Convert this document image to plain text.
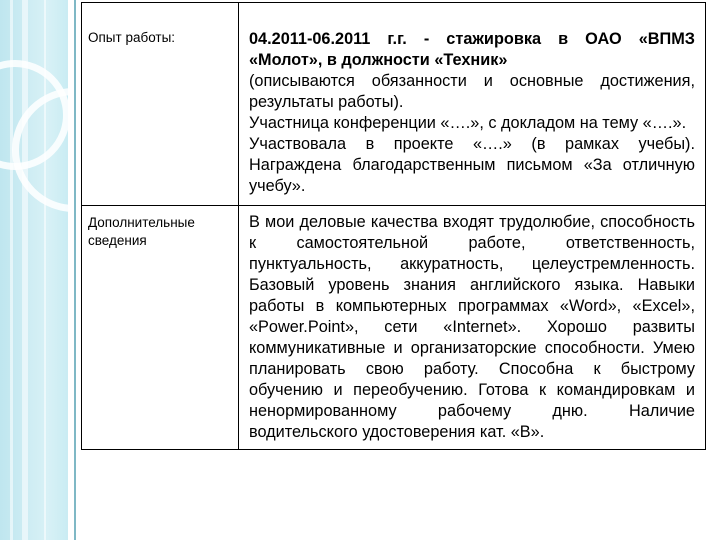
Опыт работы:	04.2011-06.2011 г.г. - стажировка в ОАО «ВПМЗ «Молот», в должности «Техник»
(описываются обязанности и основные достижения, результаты работы).
Участница конференции «….», с докладом на тему «….».
Участвовала в проекте «….» (в рамках учебы). Награждена благодарственным письмом «За отличную учебу».

Дополнительные сведения	В мои деловые качества входят трудолюбие, способность к самостоятельной работе, ответственность, пунктуальность, аккуратность, целеустремленность. Базовый уровень знания английского языка. Навыки работы в компьютерных программах «Word», «Excel», «Power.Point», сети «Internet». Хорошо развиты коммуникативные и организаторские способности. Умею планировать свою работу. Способна к быстрому обучению и переобучению. Готова к командировкам и ненормированному рабочему дню. Наличие водительского удостоверения кат. «В».
